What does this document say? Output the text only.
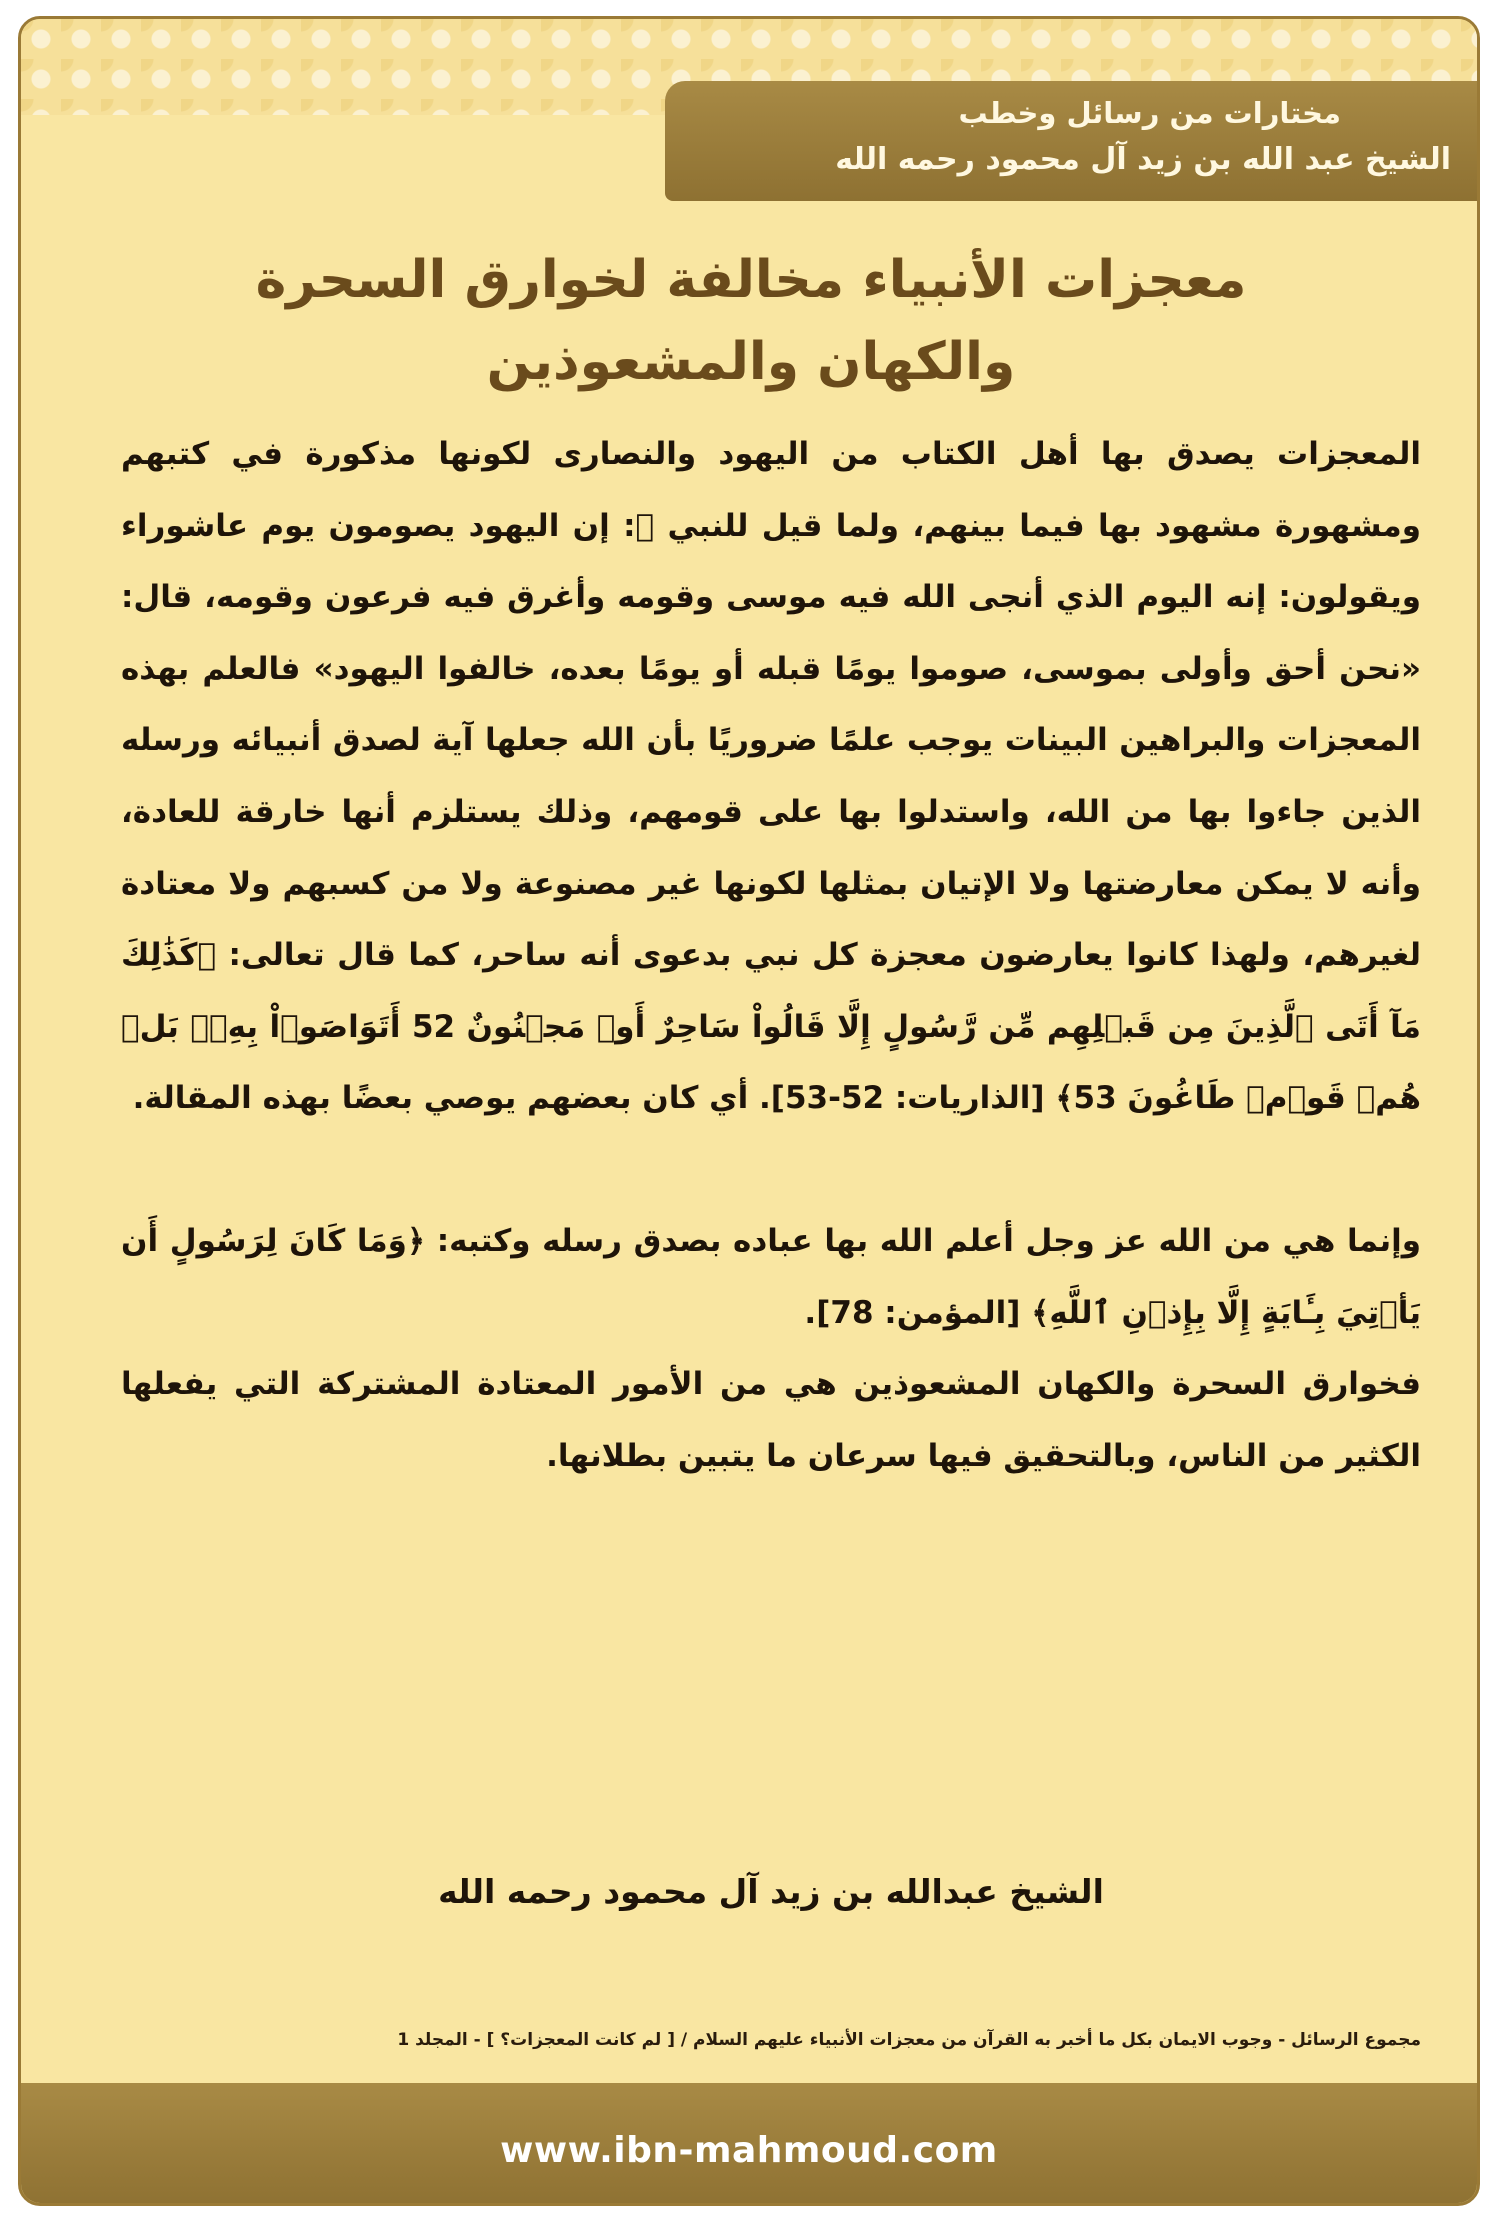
مختارات من رسائل وخطب
الشيخ عبد الله بن زيد آل محمود رحمه الله
معجزات الأنبياء مخالفة لخوارق السحرة
والكهان والمشعوذين

المعجزات يصدق بها أهل الكتاب من اليهود والنصارى لكونها مذكورة في كتبهم ومشهورة مشهود بها فيما بينهم، ولما قيل للنبي ﷺ: إن اليهود يصومون يوم عاشوراء ويقولون: إنه اليوم الذي أنجى الله فيه موسى وقومه وأغرق فيه فرعون وقومه، قال: «نحن أحق وأولى بموسى، صوموا يومًا قبله أو يومًا بعده، خالفوا اليهود» فالعلم بهذه المعجزات والبراهين البينات يوجب علمًا ضروريًا بأن الله جعلها آية لصدق أنبيائه ورسله الذين جاءوا بها من الله، واستدلوا بها على قومهم، وذلك يستلزم أنها خارقة للعادة، وأنه لا يمكن معارضتها ولا الإتيان بمثلها لكونها غير مصنوعة ولا من كسبهم ولا معتادة لغيرهم، ولهذا كانوا يعارضون معجزة كل نبي بدعوى أنه ساحر، كما قال تعالى: ﴿كَذَٰلِكَ مَآ أَتَى ٱلَّذِينَ مِن قَبۡلِهِم مِّن رَّسُولٍ إِلَّا قَالُواْ سَاحِرٌ أَوۡ مَجۡنُونٌ 52 أَتَوَاصَوۡاْ بِهِۦۚ بَلۡ هُمۡ قَوۡمٞ طَاغُونَ 53﴾ [الذاريات: 52-53]. أي كان بعضهم يوصي بعضًا بهذه المقالة.

وإنما هي من الله عز وجل أعلم الله بها عباده بصدق رسله وكتبه: ﴿وَمَا كَانَ لِرَسُولٍ أَن يَأۡتِيَ بِـَٔايَةٍ إِلَّا بِإِذۡنِ ٱللَّهِ﴾ [المؤمن: 78].

فخوارق السحرة والكهان المشعوذين هي من الأمور المعتادة المشتركة التي يفعلها الكثير من الناس، وبالتحقيق فيها سرعان ما يتبين بطلانها.

الشيخ عبدالله بن زيد آل محمود رحمه الله
مجموع الرسائل - وجوب الايمان بكل ما أخبر به القرآن من معجزات الأنبياء عليهم السلام / [ لم كانت المعجزات؟ ] - المجلد 1
www.ibn-mahmoud.com
